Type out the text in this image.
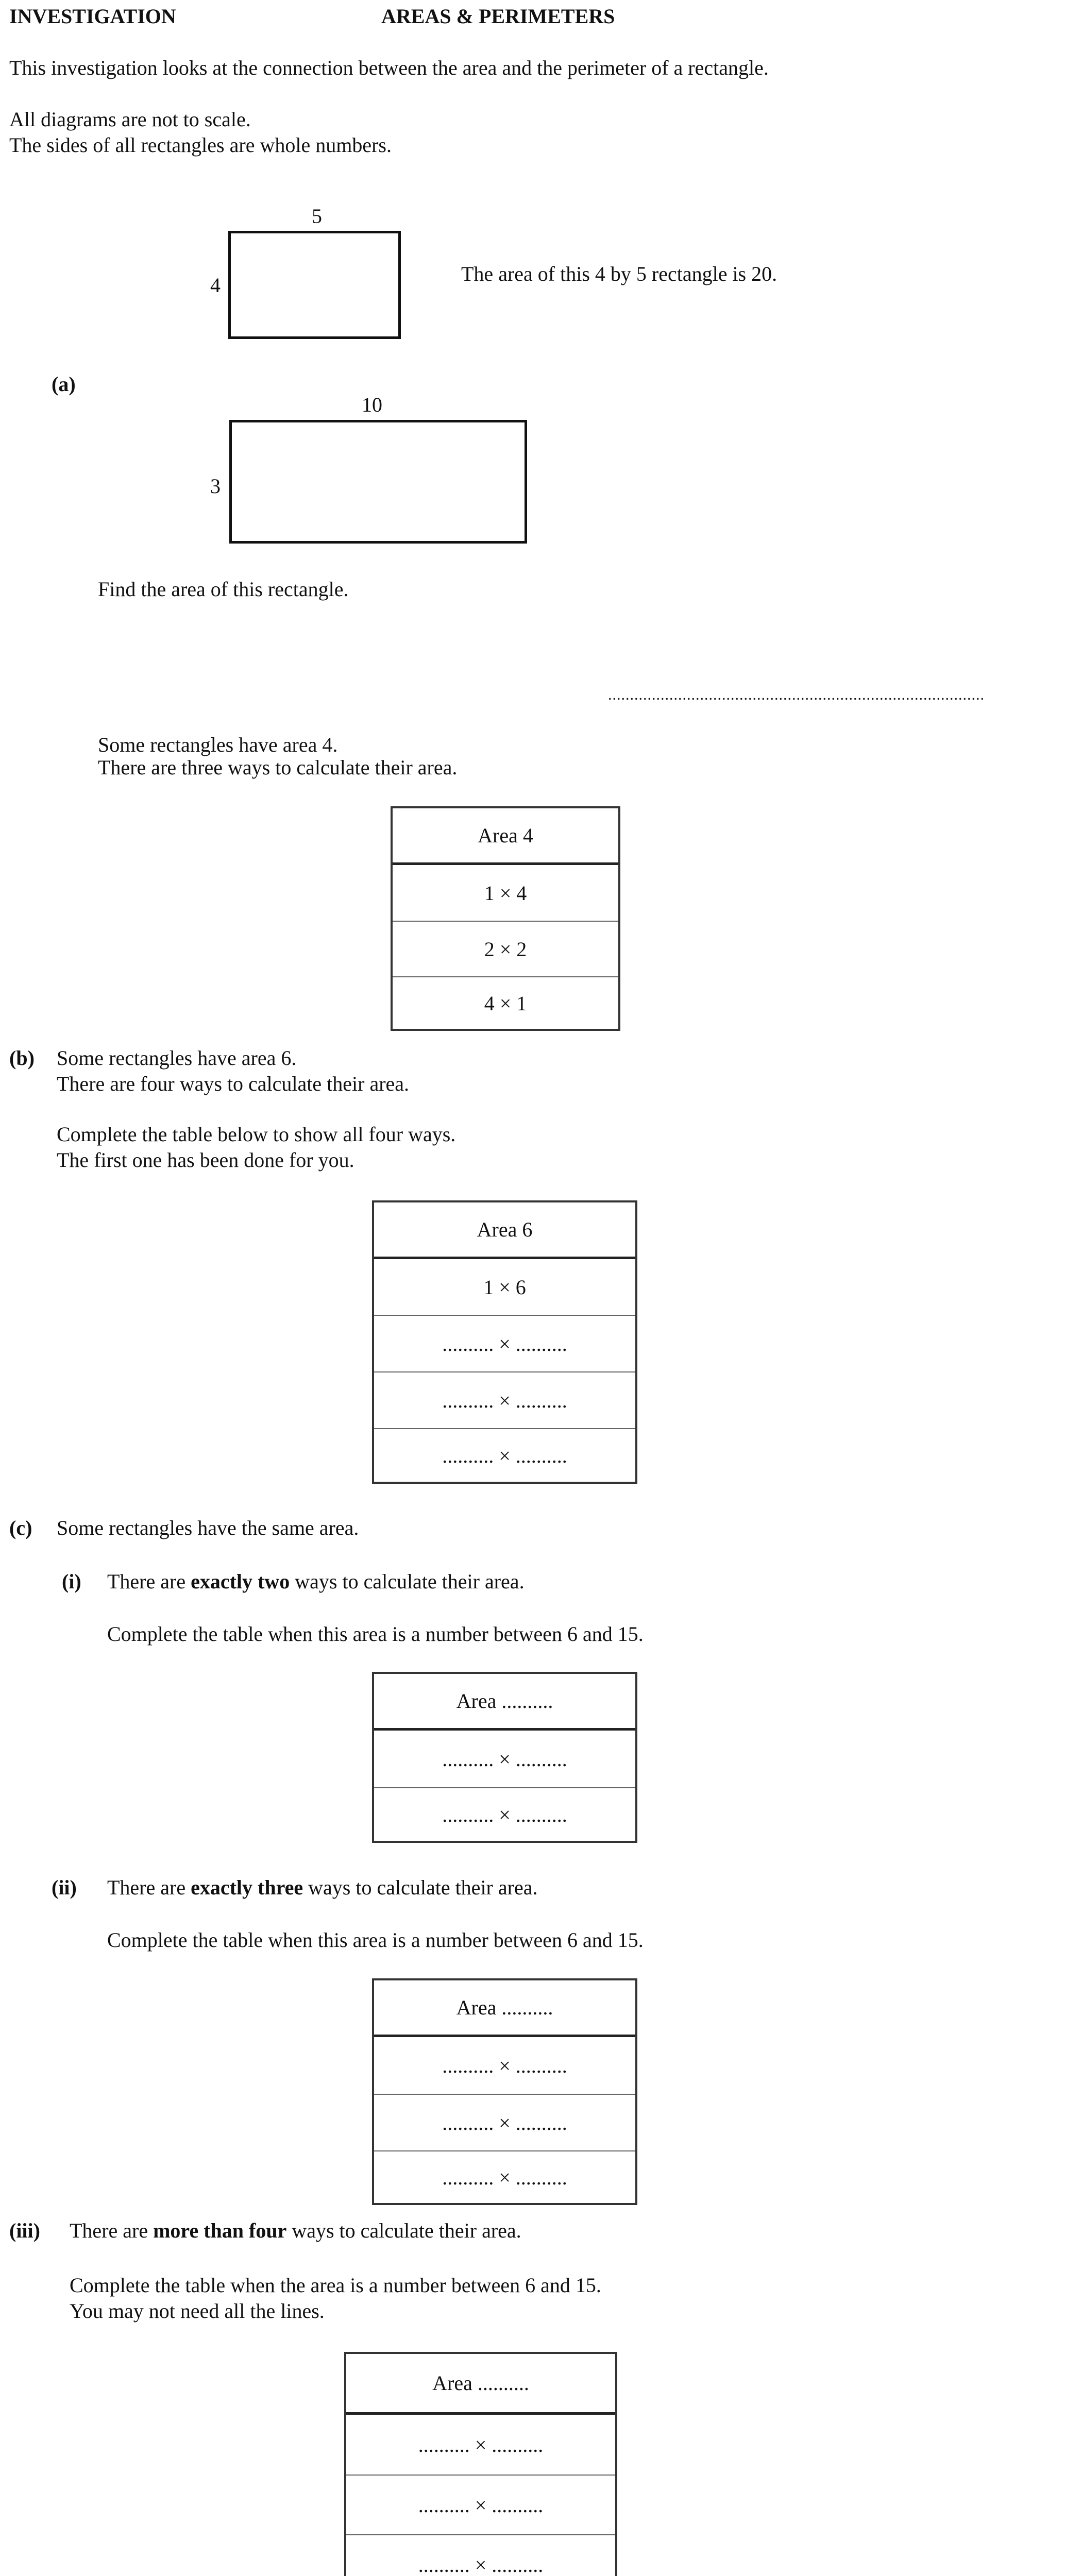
INVESTIGATION	AREAS & PERIMETERS
This investigation looks at the connection between the area and the perimeter of a rectangle.
All diagrams are not to scale.
The sides of all rectangles are whole numbers.
5
4	The area of this 4 by 5 rectangle is 20.
(a)
10
3
Find the area of this rectangle.
......................................................................................
Some rectangles have area 4.
There are three ways to calculate their area.
Area 4
1 × 4
2 × 2
4 × 1
(b) Some rectangles have area 6.
There are four ways to calculate their area.
Complete the table below to show all four ways.
The first one has been done for you.
Area 6
1 × 6
.......... × ..........
.......... × ..........
.......... × ..........
(c) Some rectangles have the same area.
(i) There are exactly two ways to calculate their area.
Complete the table when this area is a number between 6 and 15.
Area ..........
.......... × ..........
.......... × ..........
(ii) There are exactly three ways to calculate their area.
Complete the table when this area is a number between 6 and 15.
Area ..........
.......... × ..........
.......... × ..........
.......... × ..........
(iii) There are more than four ways to calculate their area.
Complete the table when the area is a number between 6 and 15.
You may not need all the lines.
Area ..........
.......... × ..........
.......... × ..........
.......... × ..........
